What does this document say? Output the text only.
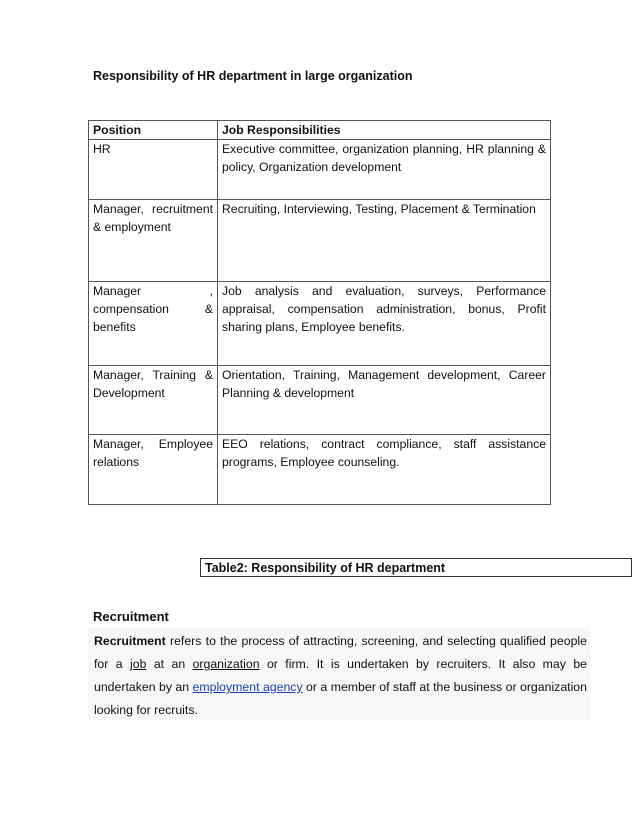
Responsibility of HR department in large organization
Position	Job Responsibilities
HR	Executive committee, organization planning, HR planning & policy, Organization development
Manager, recruitment & employment	Recruiting, Interviewing, Testing, Placement & Termination
Manager , compensation & benefits	Job analysis and evaluation, surveys, Performance appraisal, compensation administration, bonus, Profit sharing plans, Employee benefits.
Manager, Training & Development	Orientation, Training, Management development, Career Planning & development
Manager, Employee relations	EEO relations, contract compliance, staff assistance programs, Employee counseling.
Table2: Responsibility of HR department
Recruitment
Recruitment refers to the process of attracting, screening, and selecting qualified people for a job at an organization or firm. It is undertaken by recruiters. It also may be undertaken by an employment agency or a member of staff at the business or organization looking for recruits.
